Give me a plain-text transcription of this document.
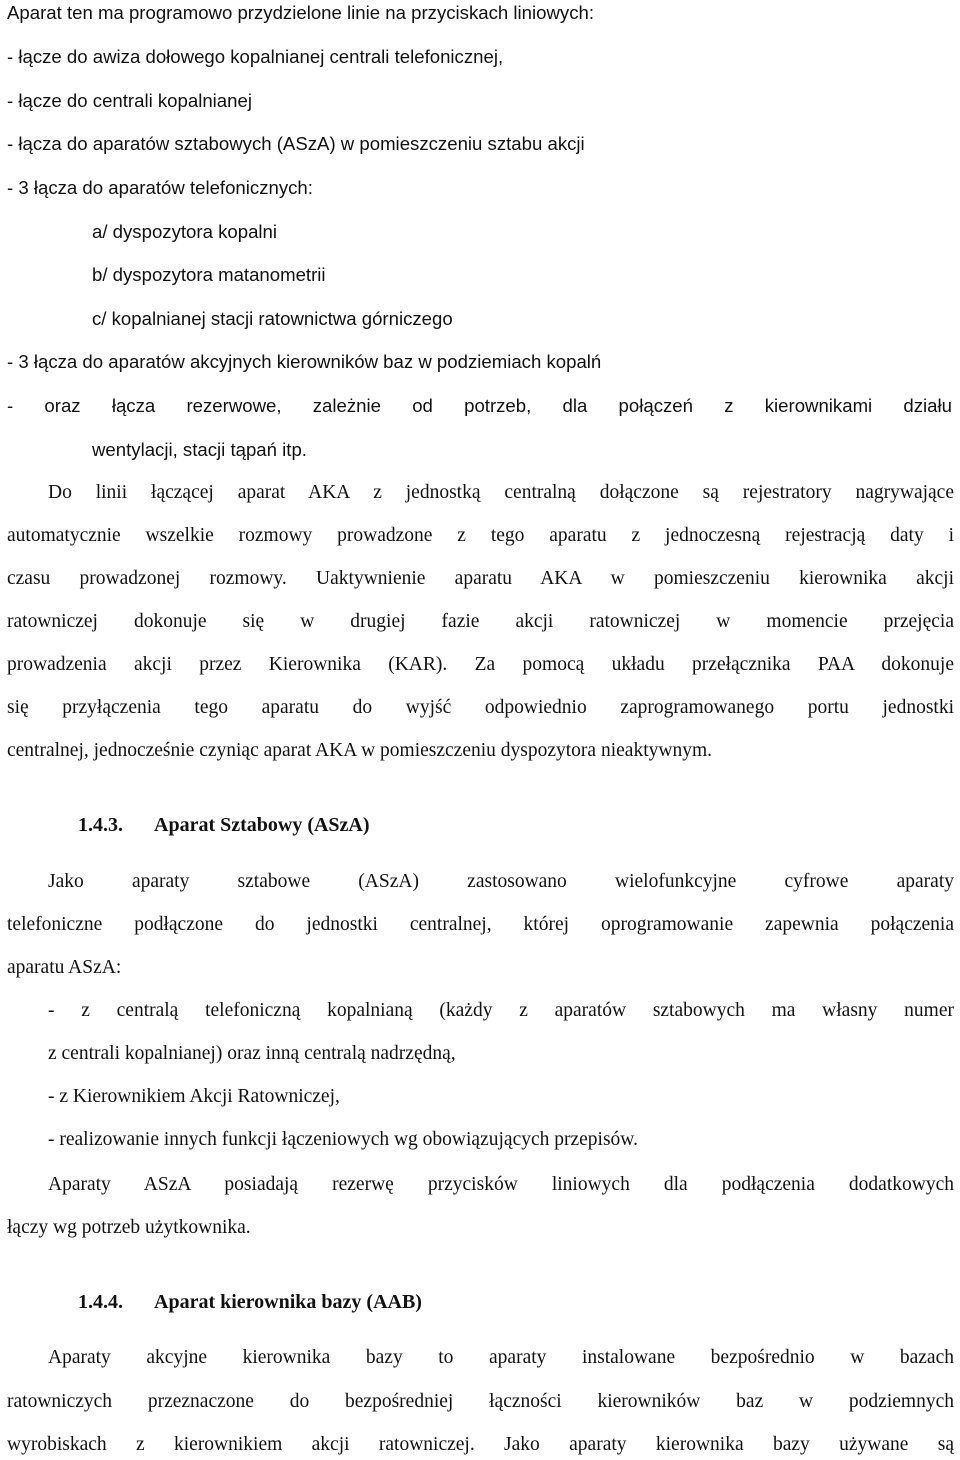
Aparat ten ma programowo przydzielone linie na przyciskach liniowych:
- łącze do awiza dołowego kopalnianej centrali telefonicznej,
- łącze do centrali kopalnianej
- łącza do aparatów sztabowych (ASzA) w pomieszczeniu sztabu akcji
- 3 łącza do aparatów telefonicznych:
a/ dyspozytora kopalni
b/ dyspozytora matanometrii
c/ kopalnianej stacji ratownictwa górniczego
- 3 łącza do aparatów akcyjnych kierowników baz w podziemiach kopalń
- oraz łącza rezerwowe, zależnie od potrzeb, dla połączeń z kierownikami działu
wentylacji, stacji tąpań itp.
Do linii łączącej aparat AKA z jednostką centralną dołączone są rejestratory nagrywające
automatycznie wszelkie rozmowy prowadzone z tego aparatu z jednoczesną rejestracją daty i
czasu prowadzonej rozmowy. Uaktywnienie aparatu AKA w pomieszczeniu kierownika akcji
ratowniczej dokonuje się w drugiej fazie akcji ratowniczej w momencie przejęcia
prowadzenia akcji przez Kierownika (KAR). Za pomocą układu przełącznika PAA dokonuje
się przyłączenia tego aparatu do wyjść odpowiednio zaprogramowanego portu jednostki
centralnej, jednocześnie czyniąc aparat AKA w pomieszczeniu dyspozytora nieaktywnym.
1.4.3. Aparat Sztabowy (ASzA)
Jako aparaty sztabowe (ASzA) zastosowano wielofunkcyjne cyfrowe aparaty
telefoniczne podłączone do jednostki centralnej, której oprogramowanie zapewnia połączenia
aparatu ASzA:
- z centralą telefoniczną kopalnianą (każdy z aparatów sztabowych ma własny numer
z centrali kopalnianej) oraz inną centralą nadrzędną,
- z Kierownikiem Akcji Ratowniczej,
- realizowanie innych funkcji łączeniowych wg obowiązujących przepisów.
Aparaty ASzA posiadają rezerwę przycisków liniowych dla podłączenia dodatkowych
łączy wg potrzeb użytkownika.
1.4.4. Aparat kierownika bazy (AAB)
Aparaty akcyjne kierownika bazy to aparaty instalowane bezpośrednio w bazach
ratowniczych przeznaczone do bezpośredniej łączności kierowników baz w podziemnych
wyrobiskach z kierownikiem akcji ratowniczej. Jako aparaty kierownika bazy używane są
